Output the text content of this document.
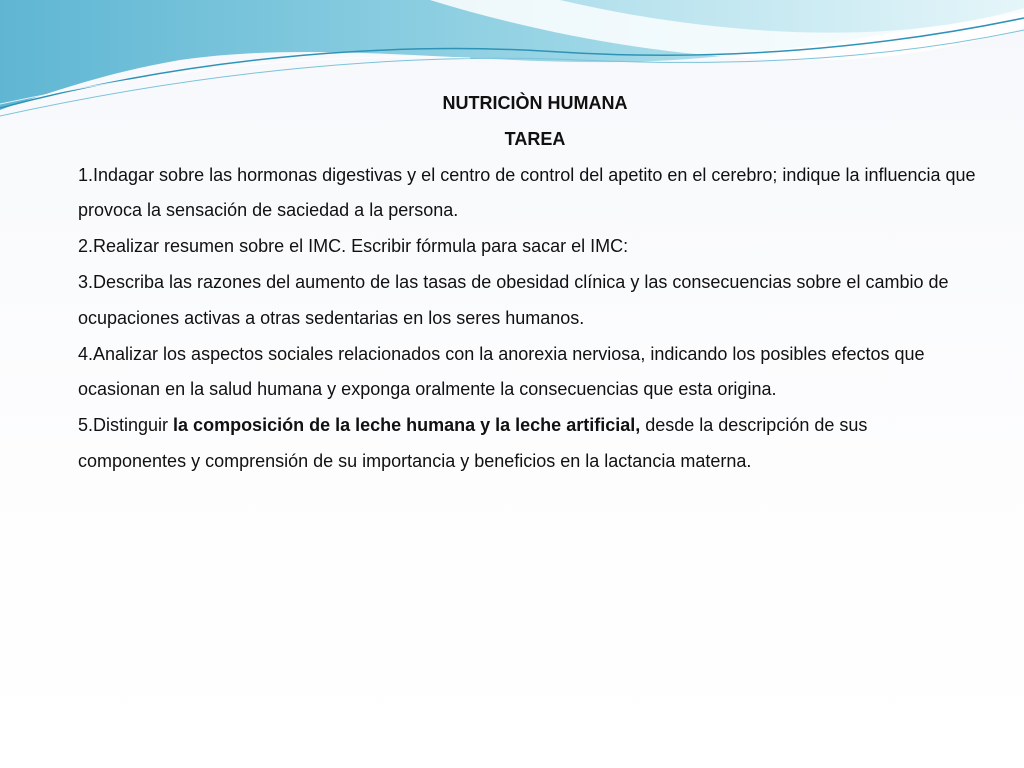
NUTRICIÒN HUMANA
TAREA

1.Indagar sobre las hormonas digestivas y el centro de control del apetito en el cerebro; indique la influencia que provoca la sensación de saciedad a la persona.

2.Realizar resumen sobre el IMC. Escribir fórmula para sacar el IMC:

3.Describa las razones del aumento de las tasas de obesidad clínica y las consecuencias sobre el cambio de ocupaciones activas a otras sedentarias en los seres humanos.

4.Analizar los aspectos sociales relacionados con la anorexia nerviosa, indicando los posibles efectos que ocasionan en la salud humana y exponga oralmente la consecuencias que esta origina.

5.Distinguir la composición de la leche humana y la leche artificial, desde la descripción de sus componentes y comprensión de su importancia y beneficios en la lactancia materna.
